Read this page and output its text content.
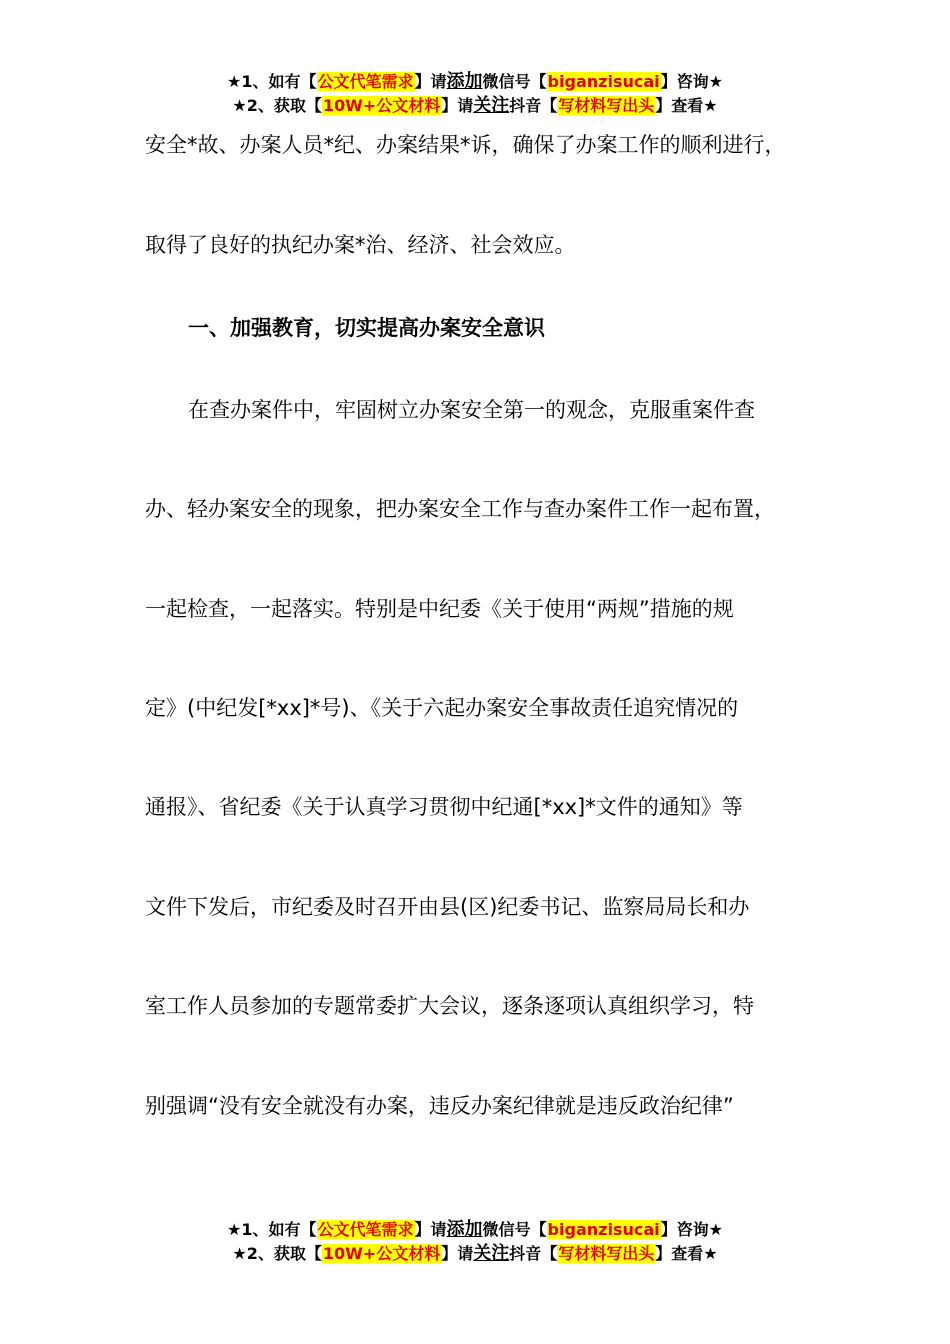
★1、如有【公文代笔需求】请添加微信号【biganzisucai】咨询★
★2、获取【10W+公文材料】请关注抖音【写材料写出头】查看★
安全*故、办案人员*纪、办案结果*诉，确保了办案工作的顺利进行，
取得了良好的执纪办案*治、经济、社会效应。
一、加强教育，切实提高办案安全意识
在查办案件中，牢固树立办案安全第一的观念，克服重案件查
办、轻办案安全的现象，把办案安全工作与查办案件工作一起布置，
一起检查，一起落实。特别是中纪委《关于使用“两规”措施的规
定》(中纪发[*xx]*号)、《关于六起办案安全事故责任追究情况的
通报》、省纪委《关于认真学习贯彻中纪通[*xx]*文件的通知》等
文件下发后，市纪委及时召开由县(区)纪委书记、监察局局长和办
室工作人员参加的专题常委扩大会议，逐条逐项认真组织学习，特
别强调“没有安全就没有办案，违反办案纪律就是违反政治纪律”
★1、如有【公文代笔需求】请添加微信号【biganzisucai】咨询★
★2、获取【10W+公文材料】请关注抖音【写材料写出头】查看★
